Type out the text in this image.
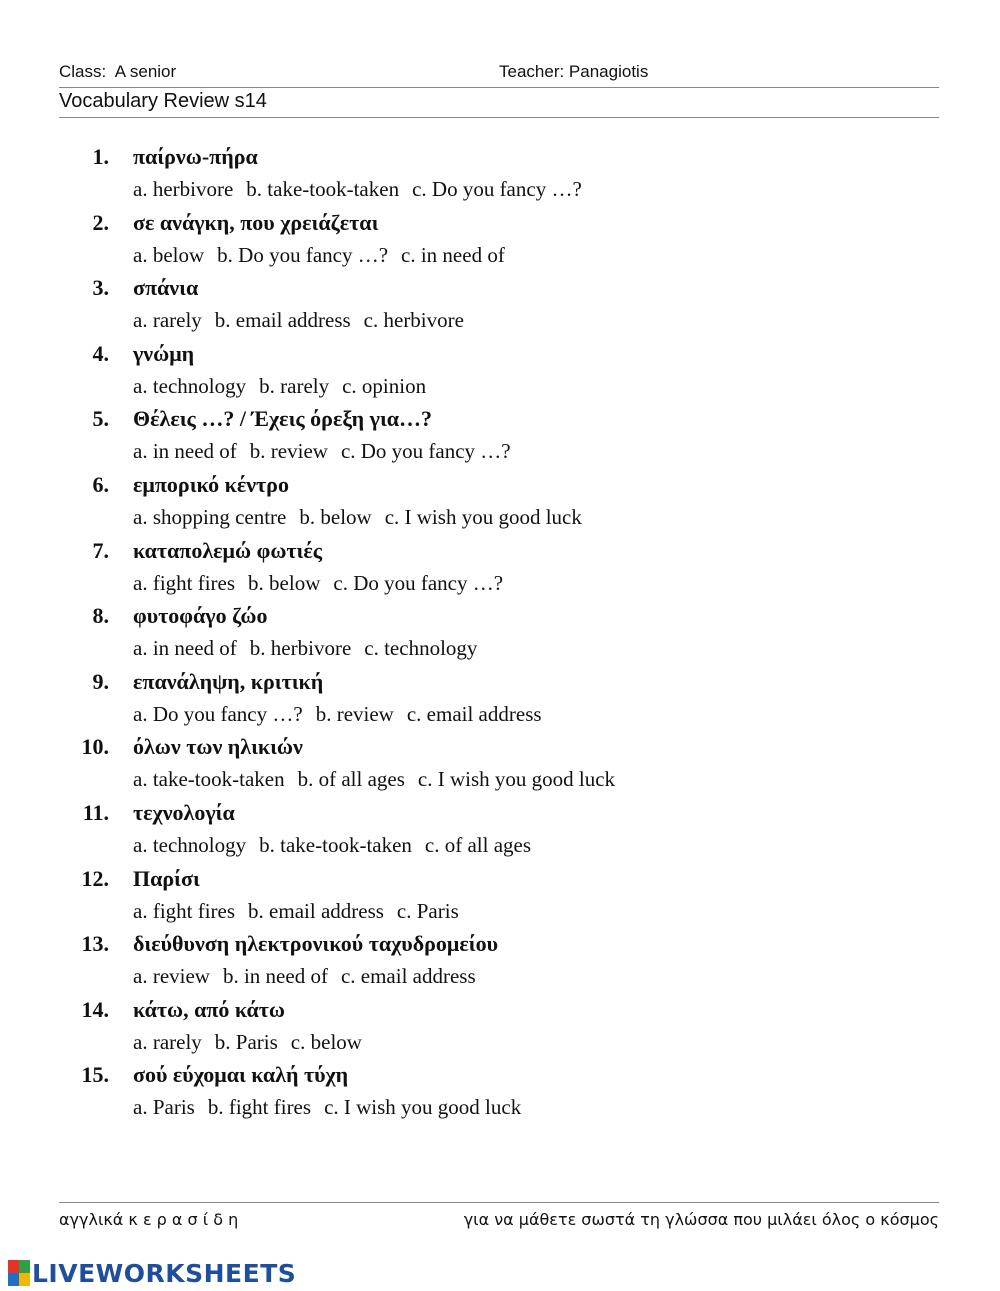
Class:  A senior	Teacher: Panagiotis
Vocabulary Review s14
1. παίρνω-πήρα
a. herbivore b. take-took-taken c. Do you fancy …?
2. σε ανάγκη, που χρειάζεται
a. below b. Do you fancy …? c. in need of
3. σπάνια
a. rarely b. email address c. herbivore
4. γνώμη
a. technology b. rarely c. opinion
5. Θέλεις …? / Έχεις όρεξη για…?
a. in need of b. review c. Do you fancy …?
6. εμπορικό κέντρο
a. shopping centre b. below c. I wish you good luck
7. καταπολεμώ φωτιές
a. fight fires b. below c. Do you fancy …?
8. φυτοφάγο ζώο
a. in need of b. herbivore c. technology
9. επανάληψη, κριτική
a. Do you fancy …? b. review c. email address
10. όλων των ηλικιών
a. take-took-taken b. of all ages c. I wish you good luck
11. τεχνολογία
a. technology b. take-took-taken c. of all ages
12. Παρίσι
a. fight fires b. email address c. Paris
13. διεύθυνση ηλεκτρονικού ταχυδρομείου
a. review b. in need of c. email address
14. κάτω, από κάτω
a. rarely b. Paris c. below
15. σού εύχομαι καλή τύχη
a. Paris b. fight fires c. I wish you good luck
αγγλικά κ ε ρ α σ ί δ η	για να μάθετε σωστά τη γλώσσα που μιλάει όλος ο κόσμος
LIVEWORKSHEETS
